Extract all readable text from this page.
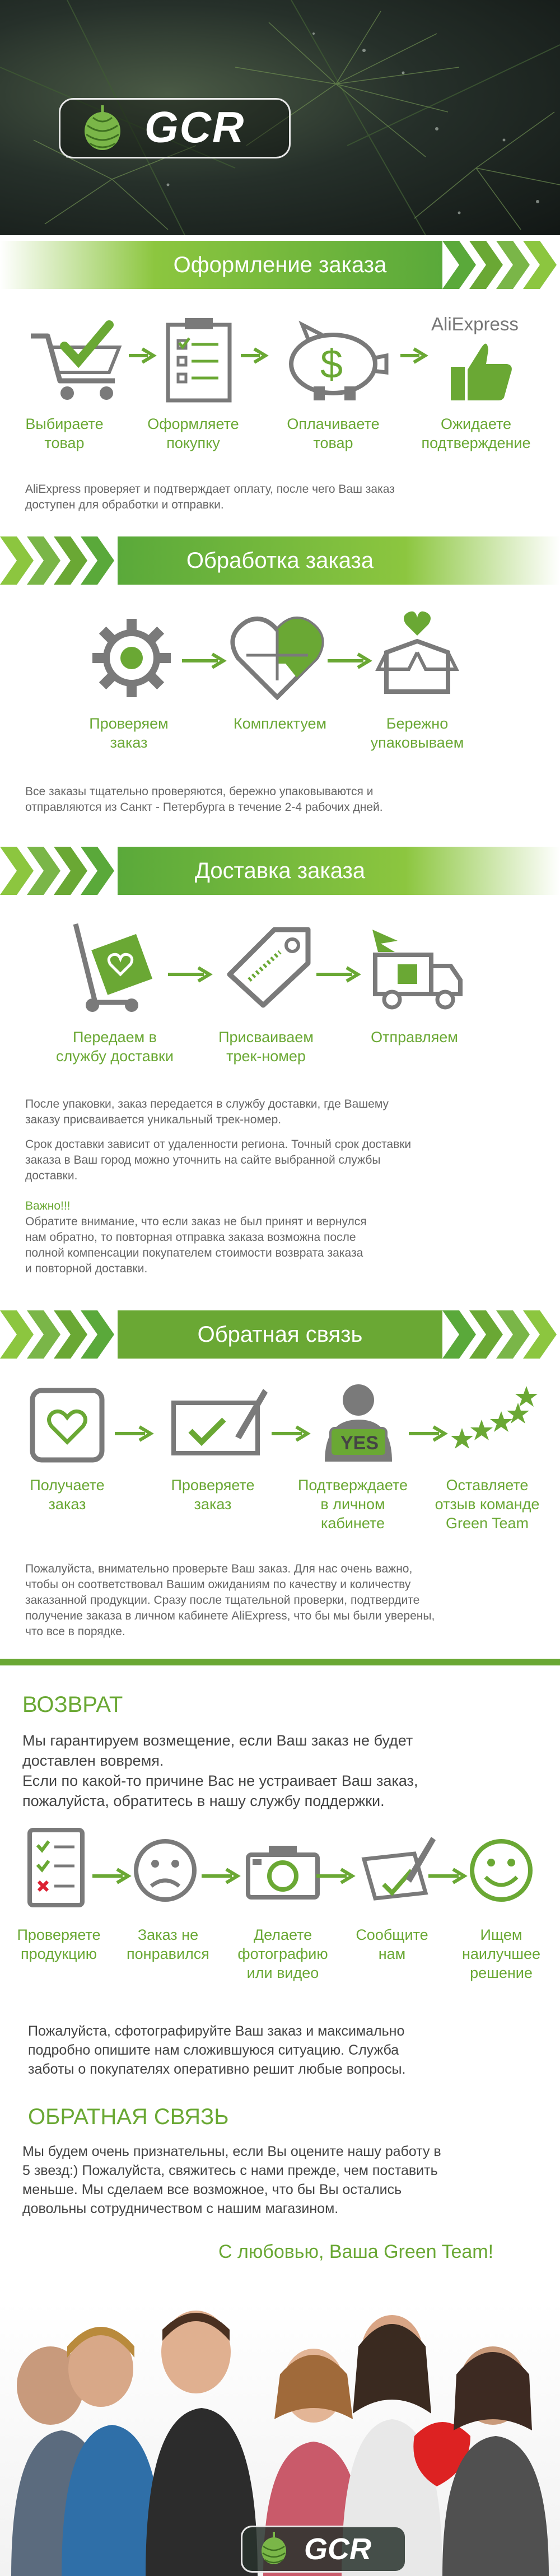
GCR
Оформление заказа
$
AliExpress
Выбираете
товар
Оформляете
покупку
Оплачиваете
товар
Ожидаете
подтверждение
AliExpress проверяет и подтверждает оплату, после чего Ваш заказ
доступен для обработки и отправки.
Обработка заказа
Проверяем
заказ
Комплектуем	Бережно
упаковываем
Все заказы тщательно проверяются, бережно упаковываются и
отправляются из Санкт - Петербурга в течение 2-4 рабочих дней.
Доставка заказа
Передаем в
службу доставки
Присваиваем
трек-номер
Отправляем
После упаковки, заказ передается в службу доставки, где Вашему
заказу присваивается уникальный трек-номер.
Срок доставки зависит от удаленности региона. Точный срок доставки
заказа в Ваш город можно уточнить на сайте выбранной службы
доставки.
Важно!!!
Обратите внимание, что если заказ не был принят и вернулся
нам обратно, то повторная отправка заказа возможна после
полной компенсации покупателем стоимости возврата заказа
и повторной доставки.
Обратная связь
YES
Получаете
заказ
Проверяете
заказ
Подтверждаете
в личном
кабинете
Оставляете
отзыв команде
Green Team
Пожалуйста, внимательно проверьте Ваш заказ. Для нас очень важно,
чтобы он соответствовал Вашим ожиданиям по качеству и количеству
заказанной продукции. Сразу после тщательной проверки, подтвердите
получение заказа в личном кабинете AliExpress, что бы мы были уверены,
что все в порядке.
ВОЗВРАТ
Мы гарантируем возмещение, если Ваш заказ не будет
доставлен вовремя.
Если по какой-то причине Вас не устраивает Ваш заказ,
пожалуйста, обратитесь в нашу службу поддержки.
Проверяете
продукцию
Заказ не
понравился
Делаете
фотографию
или видео
Сообщите
нам
Ищем
наилучшее
решение
Пожалуйста, сфотографируйте Ваш заказ и максимально
подробно опишите нам сложившуюся ситуацию. Служба
заботы о покупателях оперативно решит любые вопросы.
ОБРАТНАЯ СВЯЗЬ
Мы будем очень признательны, если Вы оцените нашу работу в
5 звезд:) Пожалуйста, свяжитесь с нами прежде, чем поставить
меньше. Мы сделаем все возможное, что бы Вы остались
довольны сотрудничеством с нашим магазином.
С любовью, Ваша Green Team!
GCR
